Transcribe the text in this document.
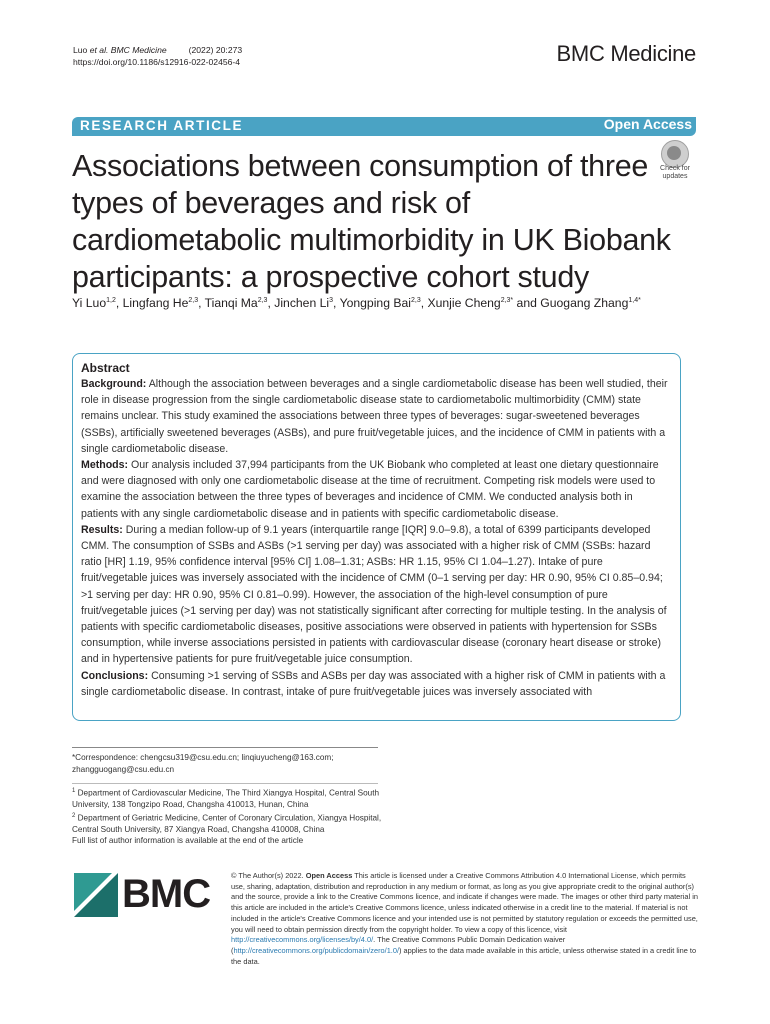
Luo et al. BMC Medicine	(2022) 20:273
https://doi.org/10.1186/s12916-022-02456-4	BMC Medicine
RESEARCH ARTICLE	Open Access
Associations between consumption of three types of beverages and risk of cardiometabolic multimorbidity in UK Biobank participants: a prospective cohort study
Check for
updates
Yi Luo$^{1,2}$, Lingfang He$^{2,3}$, Tianqi Ma$^{2,3}$, Jinchen Li$^3$, Yongping Bai$^{2,3}$, Xunjie Cheng$^{2,3*}$ and Guogang Zhang$^{1,4*}$
Abstract

Background: Although the association between beverages and a single cardiometabolic disease has been well studied, their role in disease progression from the single cardiometabolic disease state to cardiometabolic multimorbidity (CMM) state remains unclear. This study examined the associations between three types of beverages: sugar-sweetened beverages (SSBs), artificially sweetened beverages (ASBs), and pure fruit/vegetable juices, and the incidence of CMM in patients with a single cardiometabolic disease.

Methods: Our analysis included 37,994 participants from the UK Biobank who completed at least one dietary questionnaire and were diagnosed with only one cardiometabolic disease at the time of recruitment. Competing risk models were used to examine the association between the three types of beverages and incidence of CMM. We conducted analysis both in patients with any single cardiometabolic disease and in patients with specific cardiometabolic disease.

Results: During a median follow-up of 9.1 years (interquartile range [IQR] 9.0–9.8), a total of 6399 participants developed CMM. The consumption of SSBs and ASBs (>1 serving per day) was associated with a higher risk of CMM (SSBs: hazard ratio [HR] 1.19, 95% confidence interval [95% CI] 1.08–1.31; ASBs: HR 1.15, 95% CI 1.04–1.27). Intake of pure fruit/vegetable juices was inversely associated with the incidence of CMM (0–1 serving per day: HR 0.90, 95% CI 0.85–0.94; >1 serving per day: HR 0.90, 95% CI 0.81–0.99). However, the association of the high-level consumption of pure fruit/vegetable juices (>1 serving per day) was not statistically significant after correcting for multiple testing. In the analysis of patients with specific cardiometabolic diseases, positive associations were observed in patients with hypertension for SSBs consumption, while inverse associations persisted in patients with cardiovascular disease (coronary heart disease or stroke) and in hypertensive patients for pure fruit/vegetable juice consumption.

Conclusions: Consuming >1 serving of SSBs and ASBs per day was associated with a higher risk of CMM in patients with a single cardiometabolic disease. In contrast, intake of pure fruit/vegetable juices was inversely associated with

*Correspondence: chengcsu319@csu.edu.cn; linqiuyucheng@163.com; zhangguogang@csu.edu.cn
$^1$ Department of Cardiovascular Medicine, The Third Xiangya Hospital, Central South University, 138 Tongzipo Road, Changsha 410013, Hunan, China
$^2$ Department of Geriatric Medicine, Center of Coronary Circulation, Xiangya Hospital, Central South University, 87 Xiangya Road, Changsha 410008, China
Full list of author information is available at the end of the article
BMC	© The Author(s) 2022. Open Access This article is licensed under a Creative Commons Attribution 4.0 International License, which permits use, sharing, adaptation, distribution and reproduction in any medium or format, as long as you give appropriate credit to the original author(s) and the source, provide a link to the Creative Commons licence, and indicate if changes were made. The images or other third party material in this article are included in the article's Creative Commons licence, unless indicated otherwise in a credit line to the material. If material is not included in the article's Creative Commons licence and your intended use is not permitted by statutory regulation or exceeds the permitted use, you will need to obtain permission directly from the copyright holder. To view a copy of this licence, visit http://creativecommons.org/licenses/by/4.0/. The Creative Commons Public Domain Dedication waiver (http://creativecommons.org/publicdomain/zero/1.0/) applies to the data made available in this article, unless otherwise stated in a credit line to the data.
